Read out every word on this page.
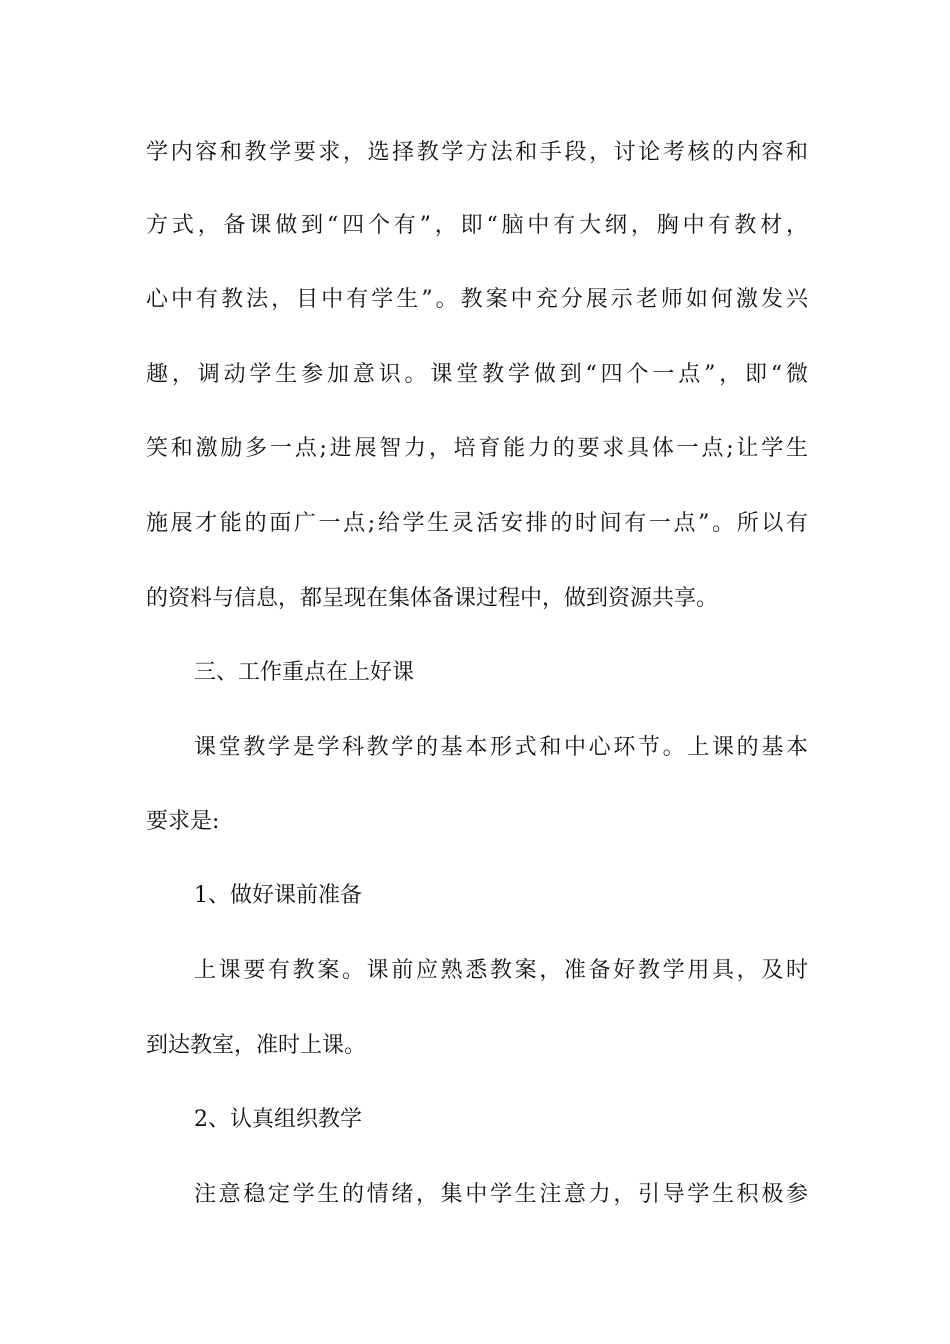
学内容和教学要求，选择教学方法和手段，讨论考核的内容和
方式，备课做到“四个有”，即“脑中有大纲，胸中有教材，
心中有教法，目中有学生”。教案中充分展示老师如何激发兴
趣，调动学生参加意识。课堂教学做到“四个一点”，即“微
笑和激励多一点;进展智力，培育能力的要求具体一点;让学生
施展才能的面广一点;给学生灵活安排的时间有一点”。所以有
的资料与信息，都呈现在集体备课过程中，做到资源共享。
三、工作重点在上好课
课堂教学是学科教学的基本形式和中心环节。上课的基本
要求是:
1、做好课前准备
上课要有教案。课前应熟悉教案，准备好教学用具，及时
到达教室，准时上课。
2、认真组织教学
注意稳定学生的情绪，集中学生注意力，引导学生积极参
